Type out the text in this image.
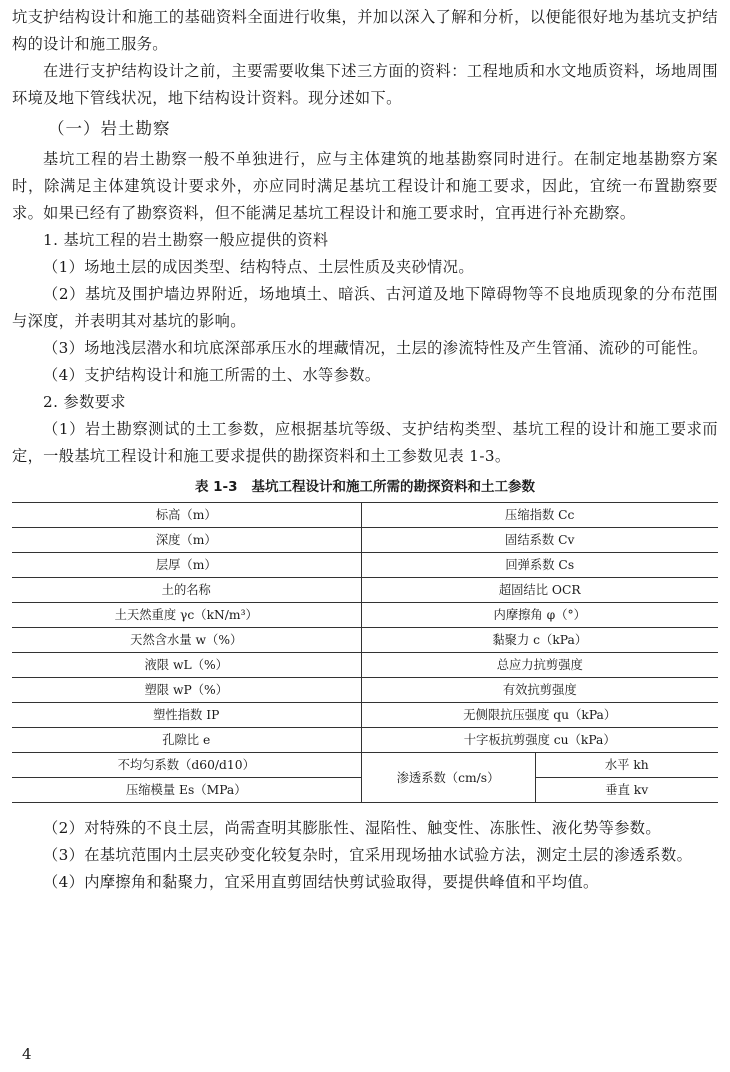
坑支护结构设计和施工的基础资料全面进行收集，并加以深入了解和分析，以便能很好地为基坑支护结构的设计和施工服务。

在进行支护结构设计之前，主要需要收集下述三方面的资料：工程地质和水文地质资料，场地周围环境及地下管线状况，地下结构设计资料。现分述如下。

（一）岩土勘察

基坑工程的岩土勘察一般不单独进行，应与主体建筑的地基勘察同时进行。在制定地基勘察方案时，除满足主体建筑设计要求外，亦应同时满足基坑工程设计和施工要求，因此，宜统一布置勘察要求。如果已经有了勘察资料，但不能满足基坑工程设计和施工要求时，宜再进行补充勘察。

1. 基坑工程的岩土勘察一般应提供的资料

（1）场地土层的成因类型、结构特点、土层性质及夹砂情况。

（2）基坑及围护墙边界附近，场地填土、暗浜、古河道及地下障碍物等不良地质现象的分布范围与深度，并表明其对基坑的影响。

（3）场地浅层潜水和坑底深部承压水的埋藏情况，土层的渗流特性及产生管涌、流砂的可能性。

（4）支护结构设计和施工所需的土、水等参数。

2. 参数要求

（1）岩土勘察测试的土工参数，应根据基坑等级、支护结构类型、基坑工程的设计和施工要求而定，一般基坑工程设计和施工要求提供的勘探资料和土工参数见表 1-3。

表 1-3 基坑工程设计和施工所需的勘探资料和土工参数
标高（m）	压缩指数 Cc	
深度（m）	固结系数 Cv	
层厚（m）	回弹系数 Cs	
土的名称	超固结比 OCR	
土天然重度 γc（kN/m³）	内摩擦角 φ（°）	
天然含水量 w（%）	黏聚力 c（kPa）	
液限 wL（%）	总应力抗剪强度	
塑限 wP（%）	有效抗剪强度	
塑性指数 IP	无侧限抗压强度 qu（kPa）	
孔隙比 e	十字板抗剪强度 cu（kPa）	
不均匀系数（d60/d10）	渗透系数（cm/s）	水平 kh
压缩模量 Es（MPa）		垂直 kv

（2）对特殊的不良土层，尚需查明其膨胀性、湿陷性、触变性、冻胀性、液化势等参数。

（3）在基坑范围内土层夹砂变化较复杂时，宜采用现场抽水试验方法，测定土层的渗透系数。

（4）内摩擦角和黏聚力，宜采用直剪固结快剪试验取得，要提供峰值和平均值。

4
